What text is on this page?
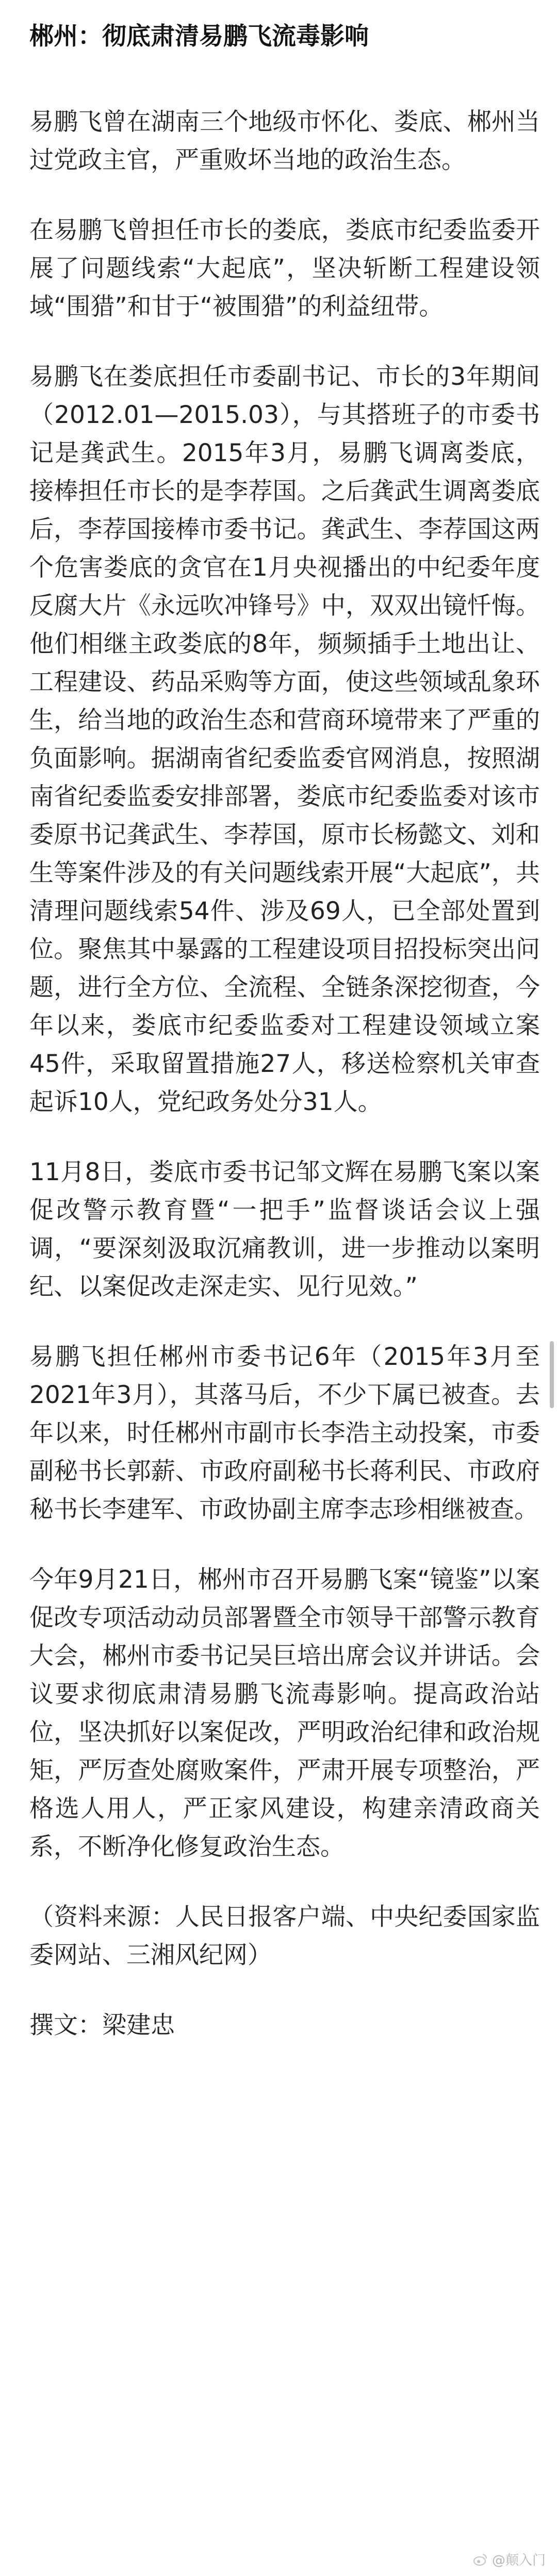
郴州：彻底肃清易鹏飞流毒影响

易鹏飞曾在湖南三个地级市怀化、娄底、郴州当过党政主官，严重败坏当地的政治生态。

在易鹏飞曾担任市长的娄底，娄底市纪委监委开展了问题线索“大起底”，坚决斩断工程建设领域“围猎”和甘于“被围猎”的利益纽带。

易鹏飞在娄底担任市委副书记、市长的3年期间（2012.01—2015.03），与其搭班子的市委书记是龚武生。2015年3月，易鹏飞调离娄底，接棒担任市长的是李荐国。之后龚武生调离娄底后，李荐国接棒市委书记。龚武生、李荐国这两个危害娄底的贪官在1月央视播出的中纪委年度反腐大片《永远吹冲锋号》中，双双出镜忏悔。他们相继主政娄底的8年，频频插手土地出让、工程建设、药品采购等方面，使这些领域乱象环生，给当地的政治生态和营商环境带来了严重的负面影响。据湖南省纪委监委官网消息，按照湖南省纪委监委安排部署，娄底市纪委监委对该市委原书记龚武生、李荐国，原市长杨懿文、刘和生等案件涉及的有关问题线索开展“大起底”，共清理问题线索54件、涉及69人，已全部处置到位。聚焦其中暴露的工程建设项目招投标突出问题，进行全方位、全流程、全链条深挖彻查，今年以来，娄底市纪委监委对工程建设领域立案45件，采取留置措施27人，移送检察机关审查起诉10人，党纪政务处分31人。

11月8日，娄底市委书记邹文辉在易鹏飞案以案促改警示教育暨“一把手”监督谈话会议上强调，“要深刻汲取沉痛教训，进一步推动以案明纪、以案促改走深走实、见行见效。”

易鹏飞担任郴州市委书记6年（2015年3月至2021年3月），其落马后，不少下属已被查。去年以来，时任郴州市副市长李浩主动投案，市委副秘书长郭薪、市政府副秘书长蒋利民、市政府秘书长李建军、市政协副主席李志珍相继被查。

今年9月21日，郴州市召开易鹏飞案“镜鉴”以案促改专项活动动员部署暨全市领导干部警示教育大会，郴州市委书记吴巨培出席会议并讲话。会议要求彻底肃清易鹏飞流毒影响。提高政治站位，坚决抓好以案促改，严明政治纪律和政治规矩，严厉查处腐败案件，严肃开展专项整治，严格选人用人，严正家风建设，构建亲清政商关系，不断净化修复政治生态。

（资料来源：人民日报客户端、中央纪委国家监委网站、三湘风纪网）

撰文：梁建忠

@颠入门
